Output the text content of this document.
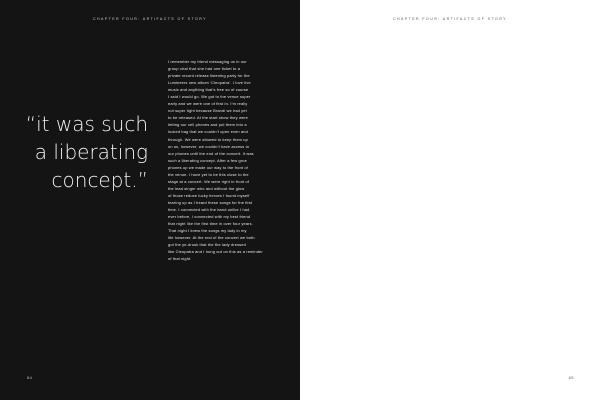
CHAPTER FOUR: ARTIFACTS OF STORY
“it was such a liberating concept.”
I remember my friend messaging us in our
group chat that she had one ticket to a
private record release listening party for the
Lumineers new album ‘Cleopatra’. I love live
music and anything that’s free so of course
I said I would go. We got to the venue super
early and we were one of first in. I’m really
not super tight because Brandi we had yet
to be released. At the start show they were
letting our cell phones and put them into a
locked bag that we couldn’t open even and
through. We were allowed to keep them up
on us, however, we couldn’t have access to
our phones until the end of the concert. It was
such a liberating concept. After a few grue
phones up we made our way to the front of
the venue. I have yet to be this close to the
stage at a concert. We were right in front of
the lead singer who and without the glow
of those reduce lucky heroes I found myself
tearing up as I heard these songs for the first
time. I connected with the band unlike I had
ever before, I connected with my best friend
that night like the first time in over four years.
That night I knew the songs my lady in my
life however. At the end of the concert we both
got the ye-drusk that the the lady dressed
like Cleopatra and I hung out on this as a reminder
of that night.
64
CHAPTER FOUR: ARTIFACTS OF STORY
65
